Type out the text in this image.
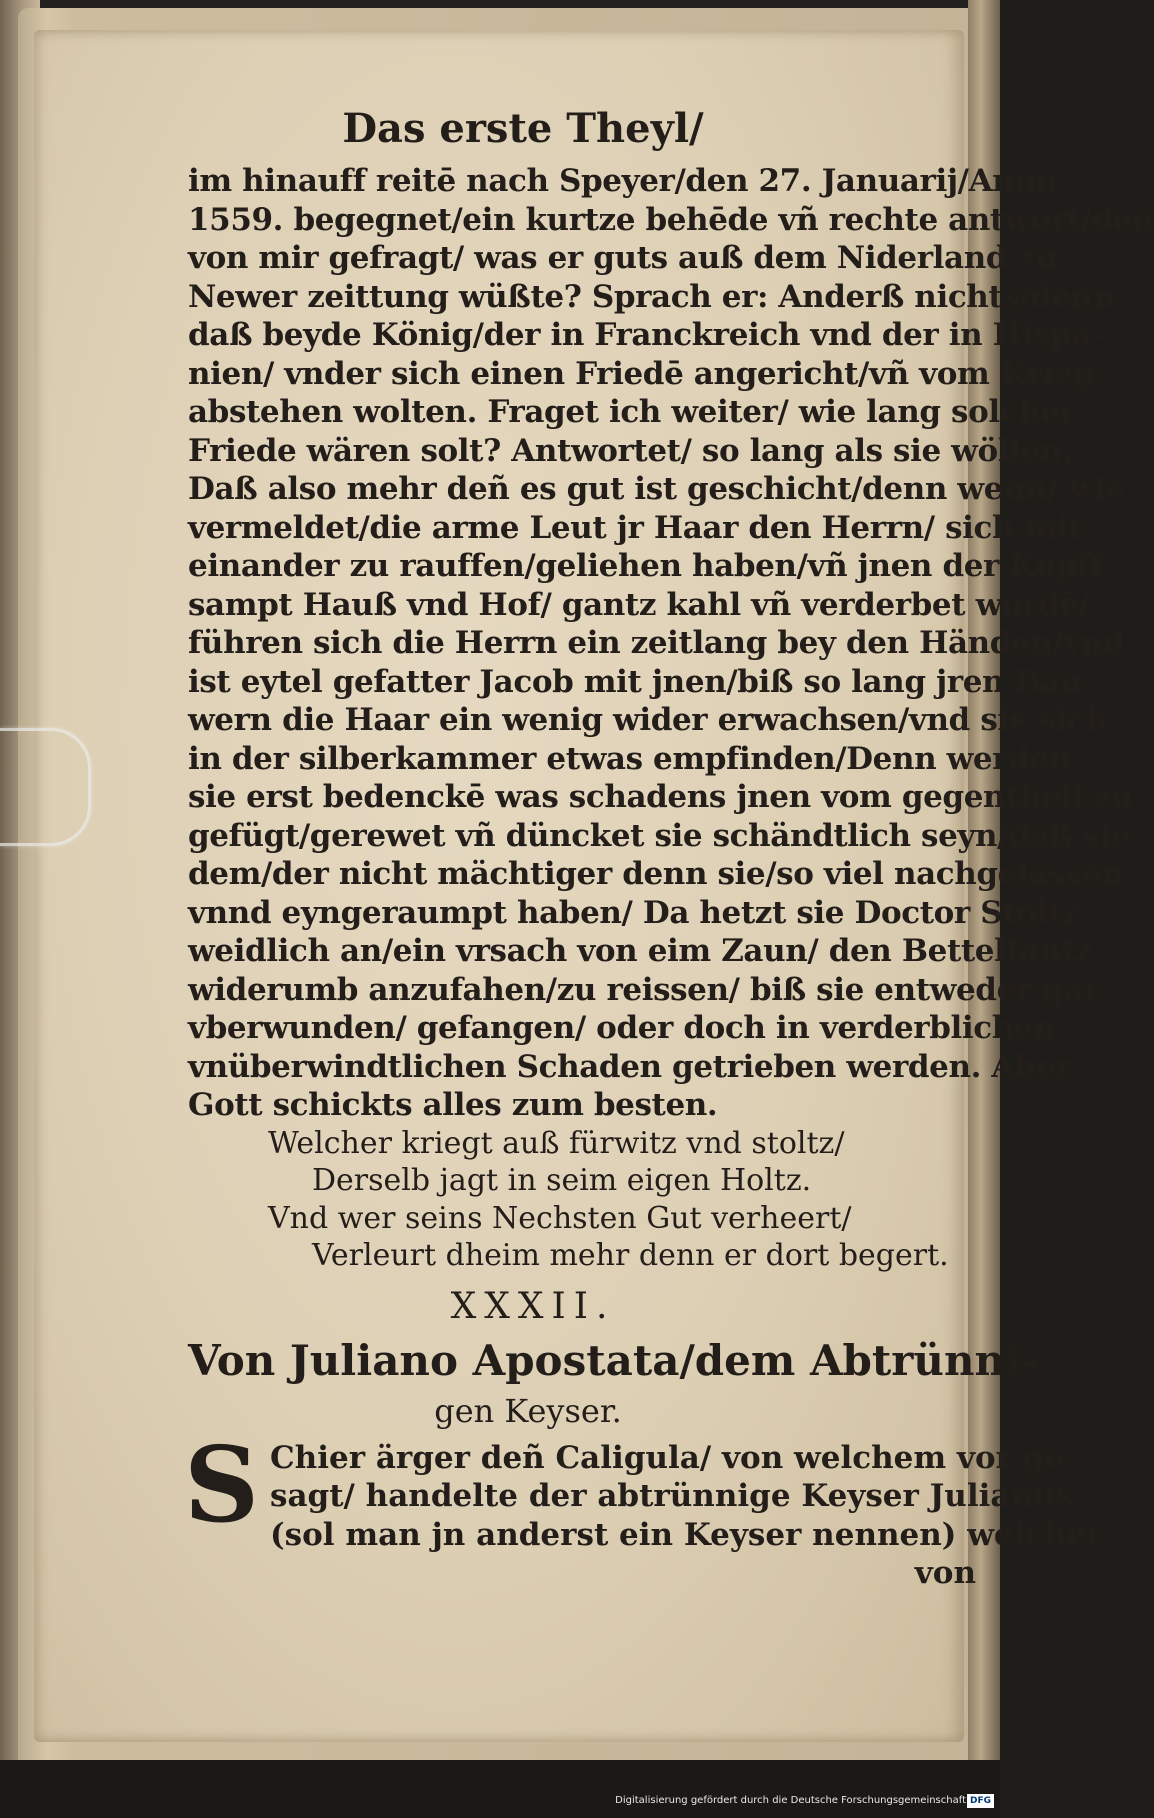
Das erste Theyl/
im hinauff reitē nach Speyer/den 27. Januarij/Anno
1559. begegnet/ein kurtze behēde vñ rechte antwort/deñ
von mir gefragt/ was er guts auß dem Niderland zu
Newer zeittung wüßte? Sprach er: Anderß nichts/denn
daß beyde König/der in Franckreich vnd der in Hispa-
nien/ vnder sich einen Friedē angericht/vñ vom Krieg
abstehen wolten. Fraget ich weiter/ wie lang solcher
Friede wären solt? Antwortet/ so lang als sie wöllen.
Daß also mehr deñ es gut ist geschicht/denn wenn/ wie
vermeldet/die arme Leut jr Haar den Herrn/ sich mit
einander zu rauffen/geliehen haben/vñ jnen der Kopff
sampt Hauß vnd Hof/ gantz kahl vñ verderbet wordē/
führen sich die Herrn ein zeitlang bey den Händen/vnd
ist eytel gefatter Jacob mit jnen/biß so lang jren Bau-
wern die Haar ein wenig wider erwachsen/vnd sie sich
in der silberkammer etwas empfinden/Denn werden
sie erst bedenckē was schadens jnen vom gegentheil zu
gefügt/gerewet vñ düncket sie schändtlich seyn/daß sie
dem/der nicht mächtiger denn sie/so viel nachgelassen
vnnd eyngeraumpt haben/ Da hetzt sie Doctor Stoltz
weidlich an/ein vrsach von eim Zaun/ den Betteltantz
widerumb anzufahen/zu reissen/ biß sie entweder gar
vberwunden/ gefangen/ oder doch in verderblichen
vnüberwindtlichen Schaden getrieben werden. Aber
Gott schickts alles zum besten.
Welcher kriegt auß fürwitz vnd stoltz/
Derselb jagt in seim eigen Holtz.
Vnd wer seins Nechsten Gut verheert/
Verleurt dheim mehr denn er dort begert.
XXXII.
Von Juliano Apostata/dem Abtrünni-
gen Keyser.
S Chier ärger deñ Caligula/ von welchem vor ge-
sagt/ handelte der abtrünnige Keyser Julianus
(sol man jn anderst ein Keyser nennen) welcher
von
Digitalisierung gefördert durch die Deutsche Forschungsgemeinschaft DFG
